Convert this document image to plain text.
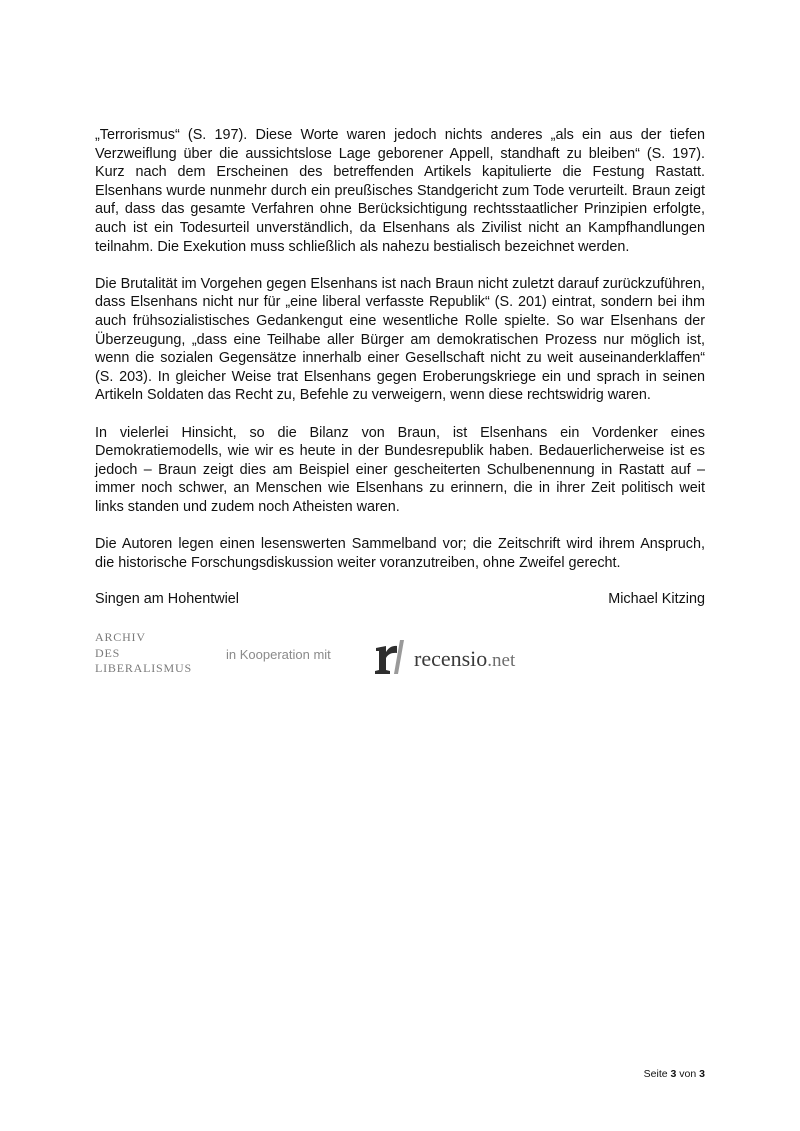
„Terrorismus“ (S. 197). Diese Worte waren jedoch nichts anderes „als ein aus der tiefen Verzweiflung über die aussichtslose Lage geborener Appell, standhaft zu bleiben“ (S. 197). Kurz nach dem Erscheinen des betreffenden Artikels kapitulierte die Festung Rastatt. Elsenhans wurde nunmehr durch ein preußisches Standgericht zum Tode verurteilt. Braun zeigt auf, dass das gesamte Verfahren ohne Berücksichtigung rechtsstaatlicher Prinzipien erfolgte, auch ist ein Todesurteil unverständlich, da Elsenhans als Zivilist nicht an Kampfhandlungen teilnahm. Die Exekution muss schließlich als nahezu bestialisch bezeichnet werden.

Die Brutalität im Vorgehen gegen Elsenhans ist nach Braun nicht zuletzt darauf zurückzuführen, dass Elsenhans nicht nur für „eine liberal verfasste Republik“ (S. 201) eintrat, sondern bei ihm auch frühsozialistisches Gedankengut eine wesentliche Rolle spielte. So war Elsenhans der Überzeugung, „dass eine Teilhabe aller Bürger am demokratischen Prozess nur möglich ist, wenn die sozialen Gegensätze innerhalb einer Gesellschaft nicht zu weit auseinanderklaffen“ (S. 203). In gleicher Weise trat Elsenhans gegen Eroberungskriege ein und sprach in seinen Artikeln Soldaten das Recht zu, Befehle zu verweigern, wenn diese rechtswidrig waren.

In vielerlei Hinsicht, so die Bilanz von Braun, ist Elsenhans ein Vordenker eines Demokratiemodells, wie wir es heute in der Bundesrepublik haben. Bedauerlicherweise ist es jedoch – Braun zeigt dies am Beispiel einer gescheiterten Schulbenennung in Rastatt auf – immer noch schwer, an Menschen wie Elsenhans zu erinnern, die in ihrer Zeit politisch weit links standen und zudem noch Atheisten waren.

Die Autoren legen einen lesenswerten Sammelband vor; die Zeitschrift wird ihrem Anspruch, die historische Forschungsdiskussion weiter voranzutreiben, ohne Zweifel gerecht.

Singen am Hohentwiel	Michael Kitzing
ARCHIV
DES
LIBERALISMUS
in Kooperation mit	recensio.net
Seite 3 von 3
